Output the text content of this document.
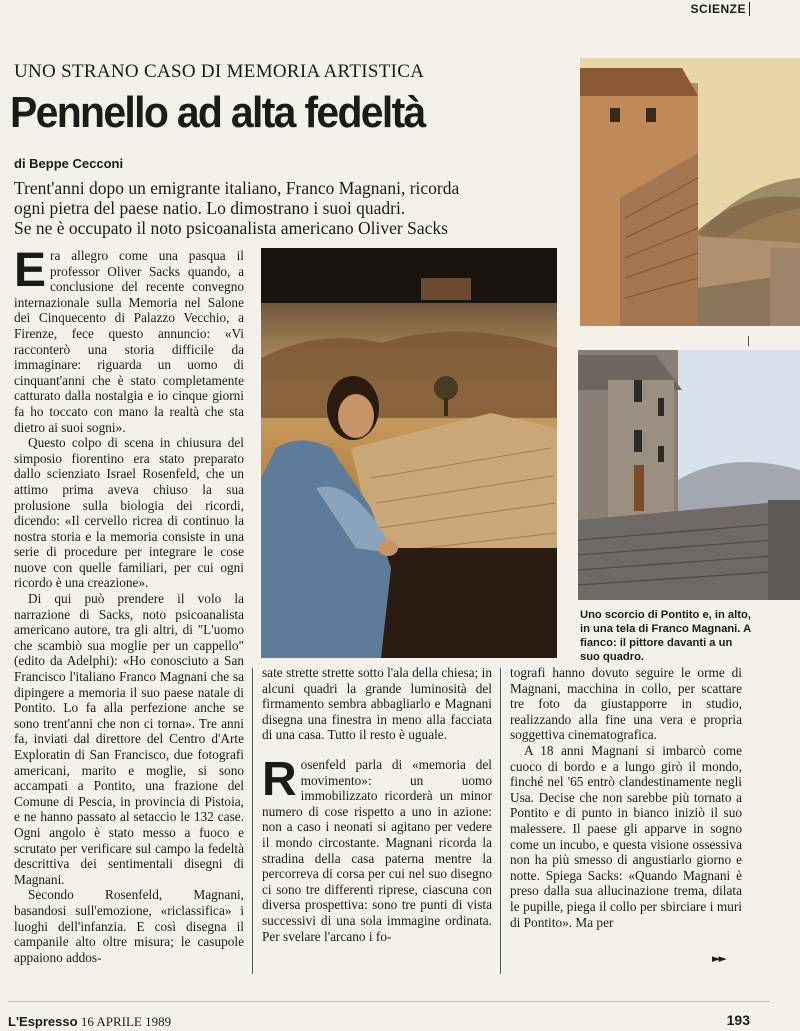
SCIENZE
UNO STRANO CASO DI MEMORIA ARTISTICA
Pennello ad alta fedeltà
di Beppe Cecconi
Trent'anni dopo un emigrante italiano, Franco Magnani, ricorda
ogni pietra del paese natio. Lo dimostrano i suoi quadri.
Se ne è occupato il noto psicoanalista americano Oliver Sacks

Era allegro come una pasqua il professor Oliver Sacks quando, a conclusione del recente convegno internazionale sulla Memoria nel Salone dei Cinquecento di Palazzo Vecchio, a Firenze, fece questo annuncio: «Vi racconterò una storia difficile da immaginare: riguarda un uomo di cinquant'anni che è stato completamente catturato dalla nostalgia e io cinque giorni fa ho toccato con mano la realtà che sta dietro ai suoi sogni».

Questo colpo di scena in chiusura del simposio fiorentino era stato preparato dallo scienziato Israel Rosenfeld, che un attimo prima aveva chiuso la sua prolusione sulla biologia dei ricordi, dicendo: «Il cervello ricrea di continuo la nostra storia e la memoria consiste in una serie di procedure per integrare le cose nuove con quelle familiari, per cui ogni ricordo è una creazione».

Di qui può prendere il volo la narrazione di Sacks, noto psicoanalista americano autore, tra gli altri, di "L'uomo che scambiò sua moglie per un cappello" (edito da Adelphi): «Ho conosciuto a San Francisco l'italiano Franco Magnani che sa dipingere a memoria il suo paese natale di Pontito. Lo fa alla perfezione anche se sono trent'anni che non ci torna». Tre anni fa, inviati dal direttore del Centro d'Arte Exploratin di San Francisco, due fotografi americani, marito e moglie, si sono accampati a Pontito, una frazione del Comune di Pescia, in provincia di Pistoia, e ne hanno passato al setaccio le 132 case. Ogni angolo è stato messo a fuoco e scrutato per verificare sul campo la fedeltà descrittiva dei sentimentali disegni di Magnani.

Secondo Rosenfeld, Magnani, basandosi sull'emozione, «riclassifica» i luoghi dell'infanzia. E così disegna il campanile alto oltre misura; le casupole appaiono addos-

sate strette strette sotto l'ala della chiesa; in alcuni quadri la grande luminosità del firmamento sembra abbagliarlo e Magnani disegna una finestra in meno alla facciata di una casa. Tutto il resto è uguale.

Rosenfeld parla di «memoria del movimento»: un uomo immobilizzato ricorderà un minor numero di cose rispetto a uno in azione: non a caso i neonati si agitano per vedere il mondo circostante. Magnani ricorda la stradina della casa paterna mentre la percorreva di corsa per cui nel suo disegno ci sono tre differenti riprese, ciascuna con diversa prospettiva: sono tre punti di vista successivi di una sola immagine ordinata. Per svelare l'arcano i fo-

tografi hanno dovuto seguire le orme di Magnani, macchina in collo, per scattare tre foto da giustapporre in studio, realizzando alla fine una vera e propria soggettiva cinematografica.

A 18 anni Magnani si imbarcò come cuoco di bordo e a lungo girò il mondo, finché nel '65 entrò clandestinamente negli Usa. Decise che non sarebbe più tornato a Pontito e di punto in bianco iniziò il suo malessere. Il paese gli apparve in sogno come un incubo, e questa visione ossessiva non ha più smesso di angustiarlo giorno e notte. Spiega Sacks: «Quando Magnani è preso dalla sua allucinazione trema, dilata le pupille, piega il collo per sbirciare i muri di Pontito». Ma per

►►
Uno scorcio di Pontito e, in alto, in una tela di Franco Magnani. A fianco: il pittore davanti a un suo quadro.
L'Espresso 16 APRILE 1989	193
